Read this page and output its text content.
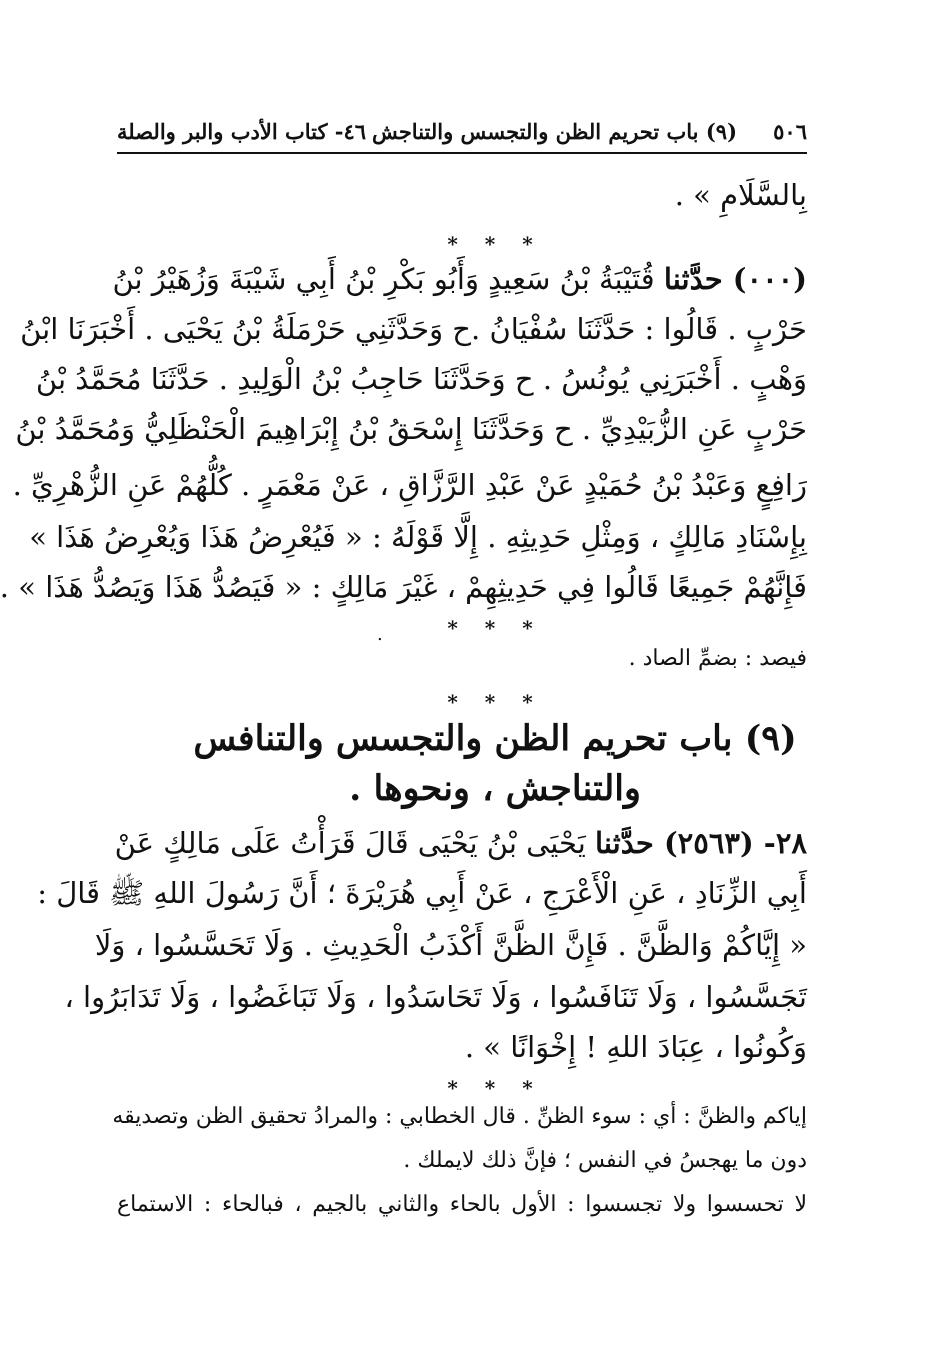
٥٠٦
(٩) باب تحريم الظن والتجسس والتناجش
٤٦- كتاب الأدب والبر والصلة
بِالسَّلَامِ » .
* * *
(٠٠٠) حدَّثنا قُتَيْبَةُ بْنُ سَعِيدٍ وَأَبُو بَكْرِ بْنُ أَبِي شَيْبَةَ وَزُهَيْرُ بْنُ
حَرْبٍ . قَالُوا : حَدَّثَنَا سُفْيَانُ .ح وَحَدَّثَنِي حَرْمَلَةُ بْنُ يَحْيَى . أَخْبَرَنَا ابْنُ
وَهْبٍ . أَخْبَرَنِي يُونُسُ . ح وَحَدَّثَنَا حَاجِبُ بْنُ الْوَلِيدِ . حَدَّثَنَا مُحَمَّدُ بْنُ
حَرْبٍ عَنِ الزُّبَيْدِيِّ . ح وَحَدَّثَنَا إِسْحَقُ بْنُ إِبْرَاهِيمَ الْحَنْظَلِيُّ وَمُحَمَّدُ بْنُ
رَافِعٍ وَعَبْدُ بْنُ حُمَيْدٍ عَنْ عَبْدِ الرَّزَّاقِ ، عَنْ مَعْمَرٍ . كُلُّهُمْ عَنِ الزُّهْرِيِّ .
بِإِسْنَادِ مَالِكٍ ، وَمِثْلِ حَدِيثِهِ . إِلَّا قَوْلَهُ : « فَيُعْرِضُ هَذَا وَيُعْرِضُ هَذَا »
فَإِنَّهُمْ جَمِيعًا قَالُوا فِي حَدِيثِهِمْ ، غَيْرَ مَالِكٍ : « فَيَصُدُّ هَذَا وَيَصُدُّ هَذَا » .
* * *
.
فيصد : بضمِّ الصاد .
* * *
(٩) باب تحريم الظن والتجسس والتنافس
والتناجش ، ونحوها .
٢٨- (٢٥٦٣) حدَّثنا يَحْيَى بْنُ يَحْيَى قَالَ قَرَأْتُ عَلَى مَالِكٍ عَنْ
أَبِي الزِّنَادِ ، عَنِ الْأَعْرَجِ ، عَنْ أَبِي هُرَيْرَةَ ؛ أَنَّ رَسُولَ اللهِ ﷺ قَالَ :
« إِيَّاكُمْ وَالظَّنَّ . فَإِنَّ الظَّنَّ أَكْذَبُ الْحَدِيثِ . وَلَا تَحَسَّسُوا ، وَلَا
تَجَسَّسُوا ، وَلَا تَنَافَسُوا ، وَلَا تَحَاسَدُوا ، وَلَا تَبَاغَضُوا ، وَلَا تَدَابَرُوا ،
وَكُونُوا ، عِبَادَ اللهِ ! إِخْوَانًا » .
* * *
إياكم والظنَّ : أي : سوء الظنِّ . قال الخطابي : والمرادُ تحقيق الظن وتصديقه
دون ما يهجسُ في النفس ؛ فإنَّ ذلك لايملك .
لا تحسسوا ولا تجسسوا : الأول بالحاء والثاني بالجيم ، فبالحاء : الاستماع
